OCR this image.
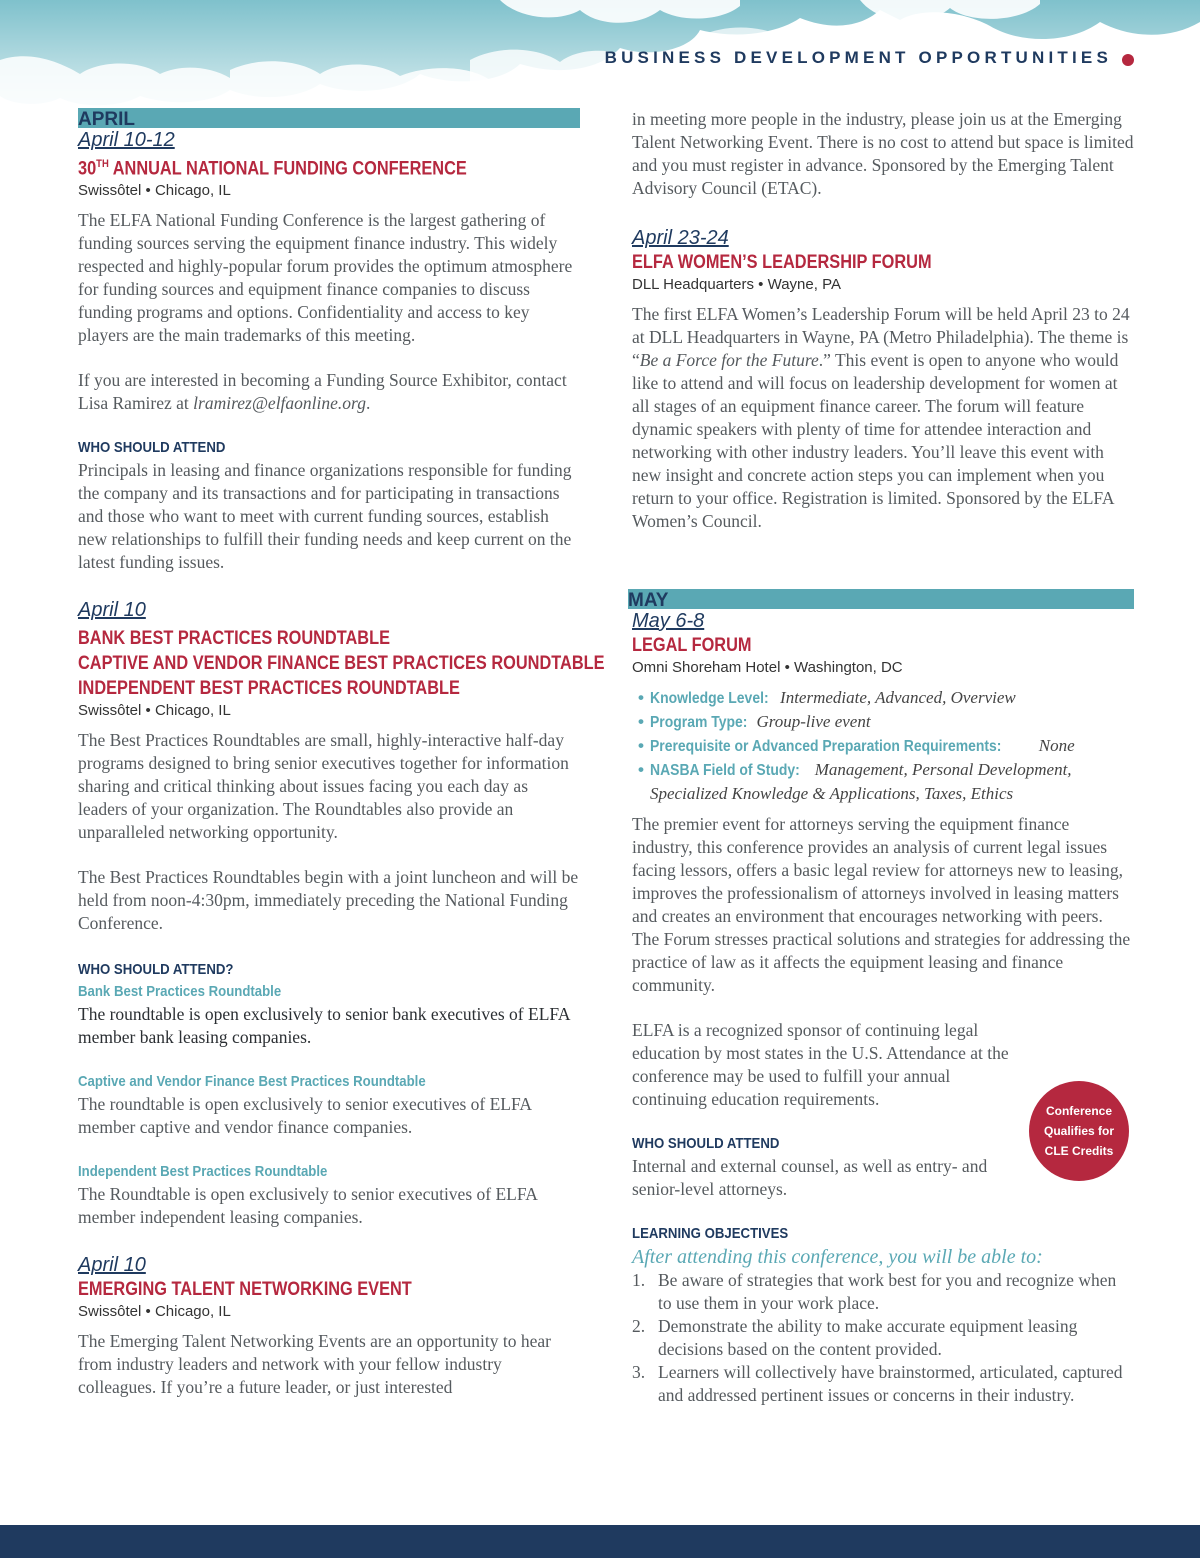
BUSINESS DEVELOPMENT OPPORTUNITIES
APRIL

April 10-12

30TH ANNUAL NATIONAL FUNDING CONFERENCE

Swissôtel • Chicago, IL

The ELFA National Funding Conference is the largest gathering of funding sources serving the equipment finance industry. This widely respected and highly-popular forum provides the optimum atmosphere for funding sources and equipment finance companies to discuss funding programs and options. Confidentiality and access to key players are the main trademarks of this meeting.

If you are interested in becoming a Funding Source Exhibitor, contact Lisa Ramirez at lramirez@elfaonline.org.

WHO SHOULD ATTEND

Principals in leasing and finance organizations responsible for funding the company and its transactions and for participating in transactions and those who want to meet with current funding sources, establish new relationships to fulfill their funding needs and keep current on the latest funding issues.

April 10

BANK BEST PRACTICES ROUNDTABLE

CAPTIVE AND VENDOR FINANCE BEST PRACTICES ROUNDTABLE

INDEPENDENT BEST PRACTICES ROUNDTABLE

Swissôtel • Chicago, IL

The Best Practices Roundtables are small, highly-interactive half-day programs designed to bring senior executives together for information sharing and critical thinking about issues facing you each day as leaders of your organization. The Roundtables also provide an unparalleled networking opportunity.

The Best Practices Roundtables begin with a joint luncheon and will be held from noon-4:30pm, immediately preceding the National Funding Conference.

WHO SHOULD ATTEND?

Bank Best Practices Roundtable

The roundtable is open exclusively to senior bank executives of ELFA member bank leasing companies.

Captive and Vendor Finance Best Practices Roundtable

The roundtable is open exclusively to senior executives of ELFA member captive and vendor finance companies.

Independent Best Practices Roundtable

The Roundtable is open exclusively to senior executives of ELFA member independent leasing companies.

April 10

EMERGING TALENT NETWORKING EVENT

Swissôtel • Chicago, IL

The Emerging Talent Networking Events are an opportunity to hear from industry leaders and network with your fellow industry colleagues. If you’re a future leader, or just interested

in meeting more people in the industry, please join us at the Emerging Talent Networking Event. There is no cost to attend but space is limited and you must register in advance. Sponsored by the Emerging Talent Advisory Council (ETAC).

April 23-24

ELFA WOMEN’S LEADERSHIP FORUM

DLL Headquarters • Wayne, PA

The first ELFA Women’s Leadership Forum will be held April 23 to 24 at DLL Headquarters in Wayne, PA (Metro Philadelphia). The theme is “Be a Force for the Future.” This event is open to anyone who would like to attend and will focus on leadership development for women at all stages of an equipment finance career. The forum will feature dynamic speakers with plenty of time for attendee interaction and networking with other industry leaders. You’ll leave this event with new insight and concrete action steps you can implement when you return to your office. Registration is limited. Sponsored by the ELFA Women’s Council.

MAY

May 6-8

LEGAL FORUM

Omni Shoreham Hotel • Washington, DC

• Knowledge Level: Intermediate, Advanced, Overview
• Program Type: Group-live event
• Prerequisite or Advanced Preparation Requirements: None
• NASBA Field of Study: Management, Personal Development, Specialized Knowledge & Applications, Taxes, Ethics

The premier event for attorneys serving the equipment finance industry, this conference provides an analysis of current legal issues facing lessors, offers a basic legal review for attorneys new to leasing, improves the professionalism of attorneys involved in leasing matters and creates an environment that encourages networking with peers. The Forum stresses practical solutions and strategies for addressing the practice of law as it affects the equipment leasing and finance community.

ELFA is a recognized sponsor of continuing legal education by most states in the U.S. Attendance at the conference may be used to fulfill your annual continuing education requirements.

WHO SHOULD ATTEND

Internal and external counsel, as well as entry- and senior-level attorneys.

LEARNING OBJECTIVES

After attending this conference, you will be able to:

1. Be aware of strategies that work best for you and recognize when to use them in your work place.
2. Demonstrate the ability to make accurate equipment leasing decisions based on the content provided.
3. Learners will collectively have brainstormed, articulated, captured and addressed pertinent issues or concerns in their industry.
Conference Qualifies for CLE Credits
